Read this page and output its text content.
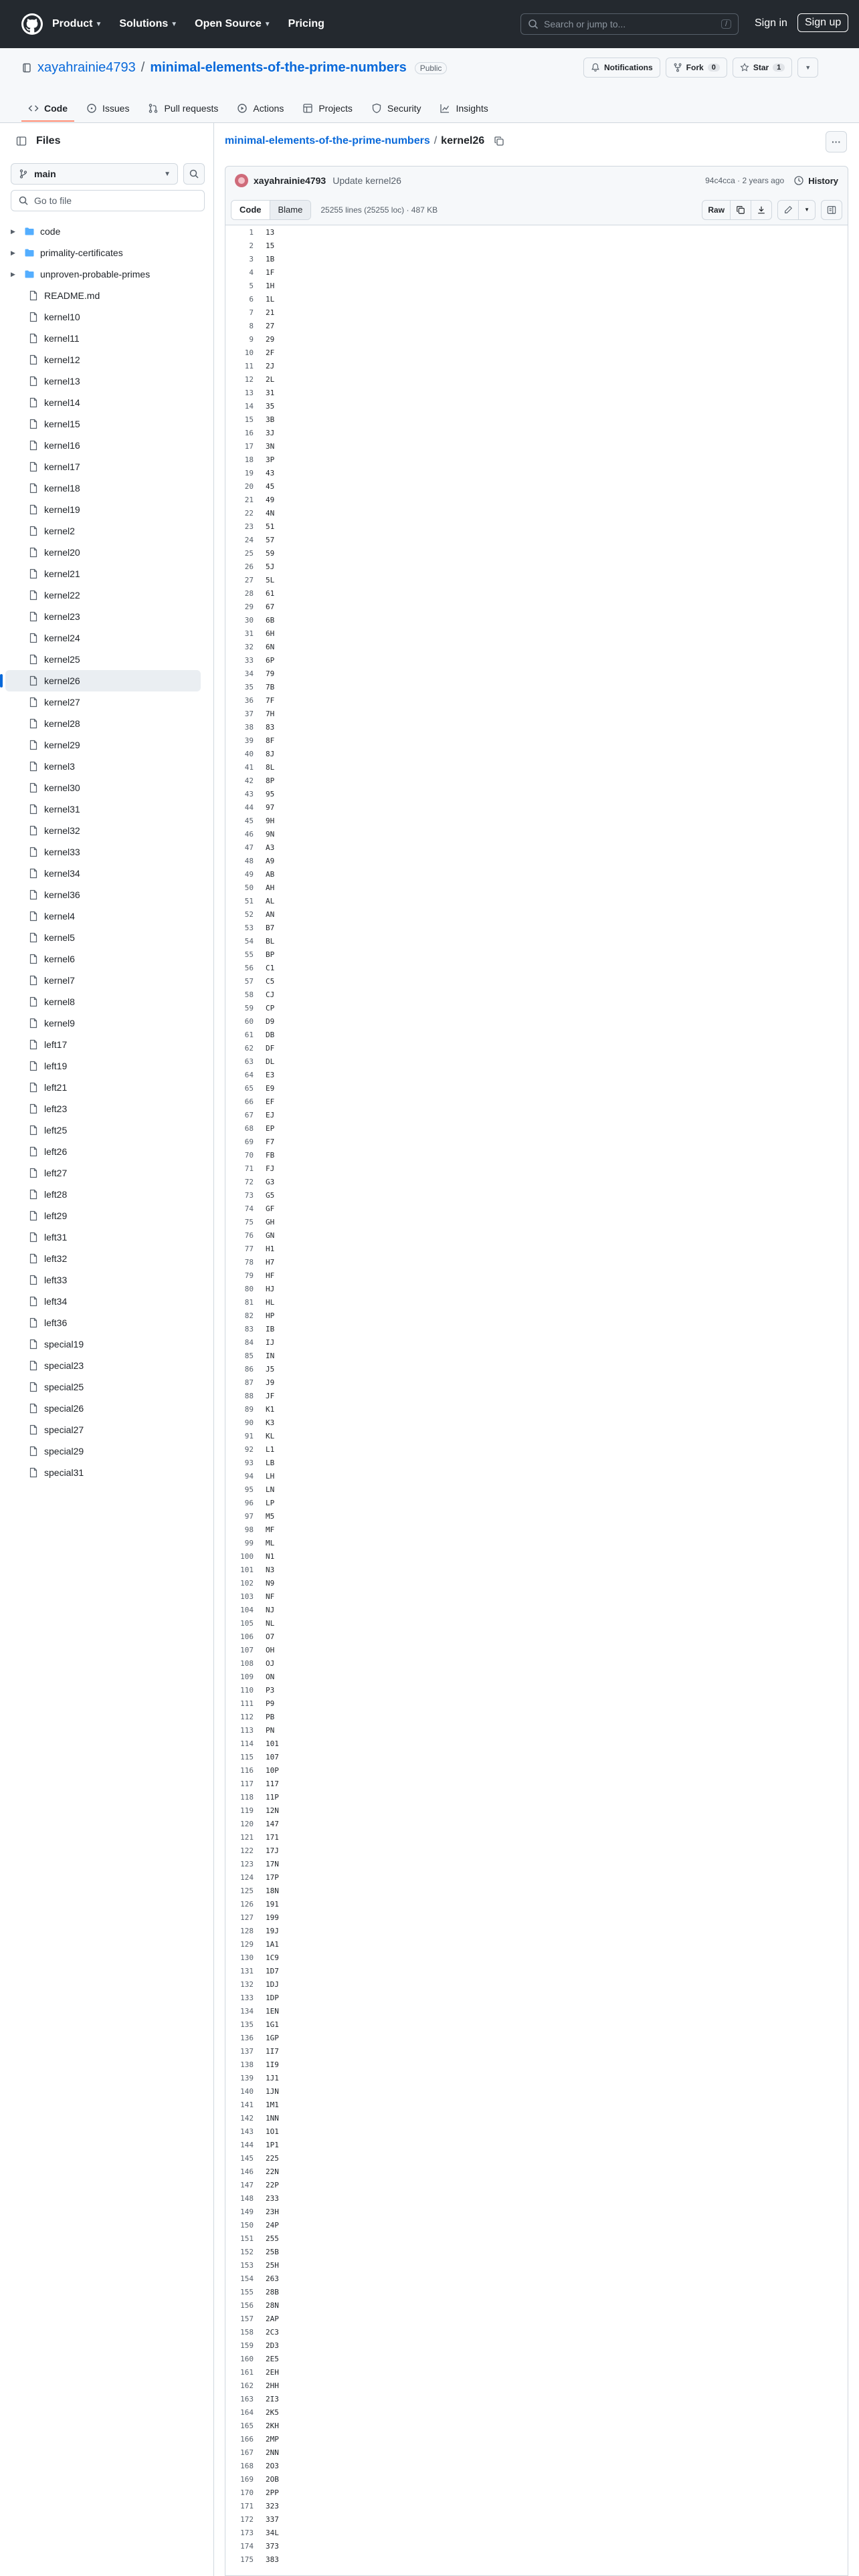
Product ▼ Solutions ▼ Open Source ▼ Pricing	Search or jump to...	/	Sign in	Sign up
xayahrainie4793 / minimal-elements-of-the-prime-numbers	Public	Notifications	Fork	0	Star	1	▼
Code	Issues	Pull requests	Actions	Projects	Security	Insights
Files
main	▼
Go to file
▶	code
▶	primality-certificates
▶	unproven-probable-primes
README.md
kernel10
kernel11
kernel12
kernel13
kernel14
kernel15
kernel16
kernel17
kernel18
kernel19
kernel2
kernel20
kernel21
kernel22
kernel23
kernel24
kernel25
kernel26
kernel27
kernel28
kernel29
kernel3
kernel30
kernel31
kernel32
kernel33
kernel34
kernel36
kernel4
kernel5
kernel6
kernel7
kernel8
kernel9
left17
left19
left21
left23
left25
left26
left27
left28
left29
left31
left32
left33
left34
left36
special19
special23
special25
special26
special27
special29
special31
minimal-elements-of-the-prime-numbers / kernel26	···
xayahrainie4793 Update kernel26	94c4cca · 2 years ago	History
Code	Blame	25255 lines (25255 loc) · 487 KB	Raw	▼
1	13
2	15
3	1B
4	1F
5	1H
6	1L
7	21
8	27
9	29
10	2F
11	2J
12	2L
13	31
14	35
15	3B
16	3J
17	3N
18	3P
19	43
20	45
21	49
22	4N
23	51
24	57
25	59
26	5J
27	5L
28	61
29	67
30	6B
31	6H
32	6N
33	6P
34	79
35	7B
36	7F
37	7H
38	83
39	8F
40	8J
41	8L
42	8P
43	95
44	97
45	9H
46	9N
47	A3
48	A9
49	AB
50	AH
51	AL
52	AN
53	B7
54	BL
55	BP
56	C1
57	C5
58	CJ
59	CP
60	D9
61	DB
62	DF
63	DL
64	E3
65	E9
66	EF
67	EJ
68	EP
69	F7
70	FB
71	FJ
72	G3
73	G5
74	GF
75	GH
76	GN
77	H1
78	H7
79	HF
80	HJ
81	HL
82	HP
83	IB
84	IJ
85	IN
86	J5
87	J9
88	JF
89	K1
90	K3
91	KL
92	L1
93	LB
94	LH
95	LN
96	LP
97	M5
98	MF
99	ML
100	N1
101	N3
102	N9
103	NF
104	NJ
105	NL
106	O7
107	OH
108	OJ
109	ON
110	P3
111	P9
112	PB
113	PN
114	101
115	107
116	10P
117	117
118	11P
119	12N
120	147
121	171
122	17J
123	17N
124	17P
125	18N
126	191
127	199
128	19J
129	1A1
130	1C9
131	1D7
132	1DJ
133	1DP
134	1EN
135	1G1
136	1GP
137	1I7
138	1I9
139	1J1
140	1JN
141	1M1
142	1NN
143	1O1
144	1P1
145	225
146	22N
147	22P
148	233
149	23H
150	24P
151	255
152	25B
153	25H
154	263
155	28B
156	28N
157	2AP
158	2C3
159	2D3
160	2E5
161	2EH
162	2HH
163	2I3
164	2K5
165	2KH
166	2MP
167	2NN
168	2O3
169	2OB
170	2PP
171	323
172	337
173	34L
174	373
175	383
